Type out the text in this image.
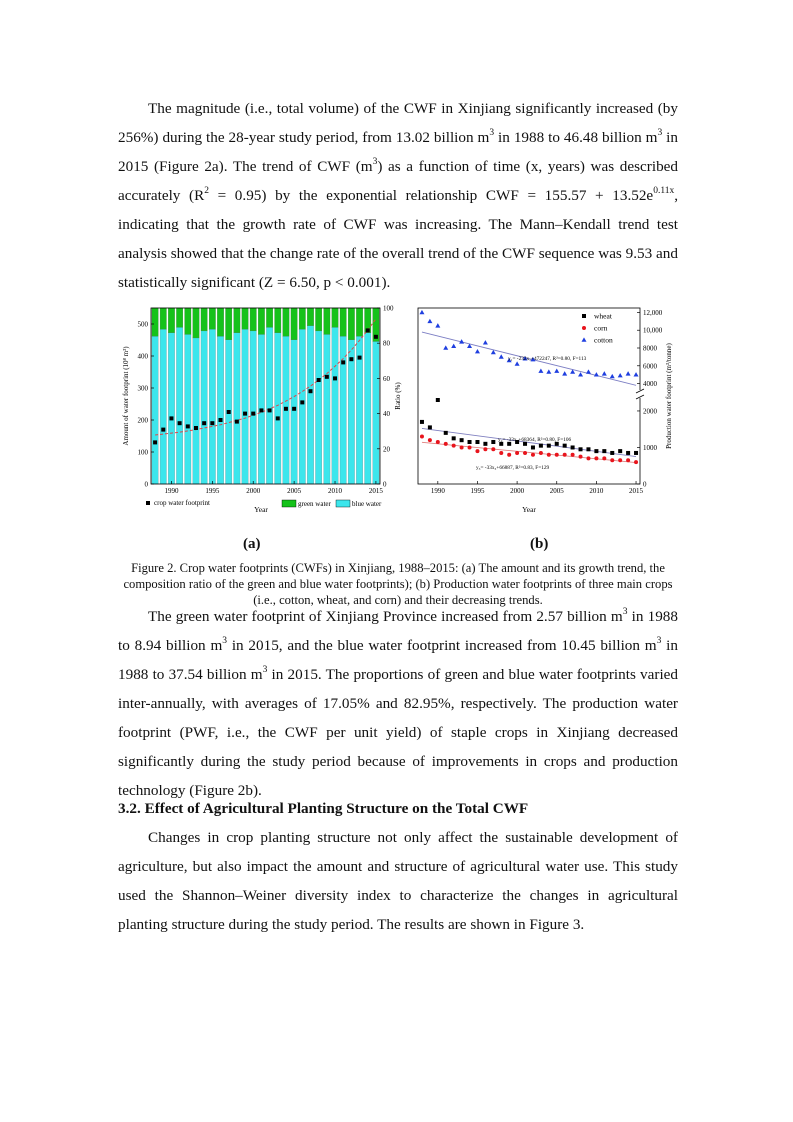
The magnitude (i.e., total volume) of the CWF in Xinjiang significantly increased (by 256%) during the 28-year study period, from 13.02 billion $m^3$ in 1988 to 46.48 billion $m^3$ in 2015 (Figure 2a). The trend of CWF $(m^3)$ as a function of time (x, years) was described accurately $(R^2 = 0.95)$ by the exponential relationship CWF = $155.57 + 13.52e^{0.11x}$, indicating that the growth rate of CWF was increasing. The Mann–Kendall trend test analysis showed that the change rate of the overall trend of the CWF sequence was 9.53 and statistically significant (Z = 6.50, p < 0.001).

0
100
200
300
400
500
0
20
40
60
80
100
1990	1995	2000	2005	2010	2015
Amount of water footprint (10⁸ m³)	Ratio (%)
Year
crop water footprint	green water	blue water
4000
6000
8000
10,000
12,000
0
1000
2000
1990	1995	2000	2005	2010	2015
Production water footprint (m³/tonne)
Year
y₁= -232x₁+472247, R²=0.80, F=113
y₂= -33x₂+68364, R²=0.80, F=106
y₃= -33x₃+66887, R²=0.83, F=129
wheat
corn
cotton
(a)	(b)

Figure 2. Crop water footprints (CWFs) in Xinjiang, 1988–2015: (a) The amount and its growth trend, the composition ratio of the green and blue water footprints); (b) Production water footprints of three main crops (i.e., cotton, wheat, and corn) and their decreasing trends.

The green water footprint of Xinjiang Province increased from 2.57 billion $m^3$ in 1988 to 8.94 billion $m^3$ in 2015, and the blue water footprint increased from 10.45 billion $m^3$ in 1988 to 37.54 billion $m^3$ in 2015. The proportions of green and blue water footprints varied inter-annually, with averages of 17.05% and 82.95%, respectively. The production water footprint (PWF, i.e., the CWF per unit yield) of staple crops in Xinjiang decreased significantly during the study period because of improvements in crops and production technology (Figure 2b).

3.2. Effect of Agricultural Planting Structure on the Total CWF

Changes in crop planting structure not only affect the sustainable development of agriculture, but also impact the amount and structure of agricultural water use. This study used the Shannon–Weiner diversity index to characterize the changes in agricultural planting structure during the study period. The results are shown in Figure 3.
